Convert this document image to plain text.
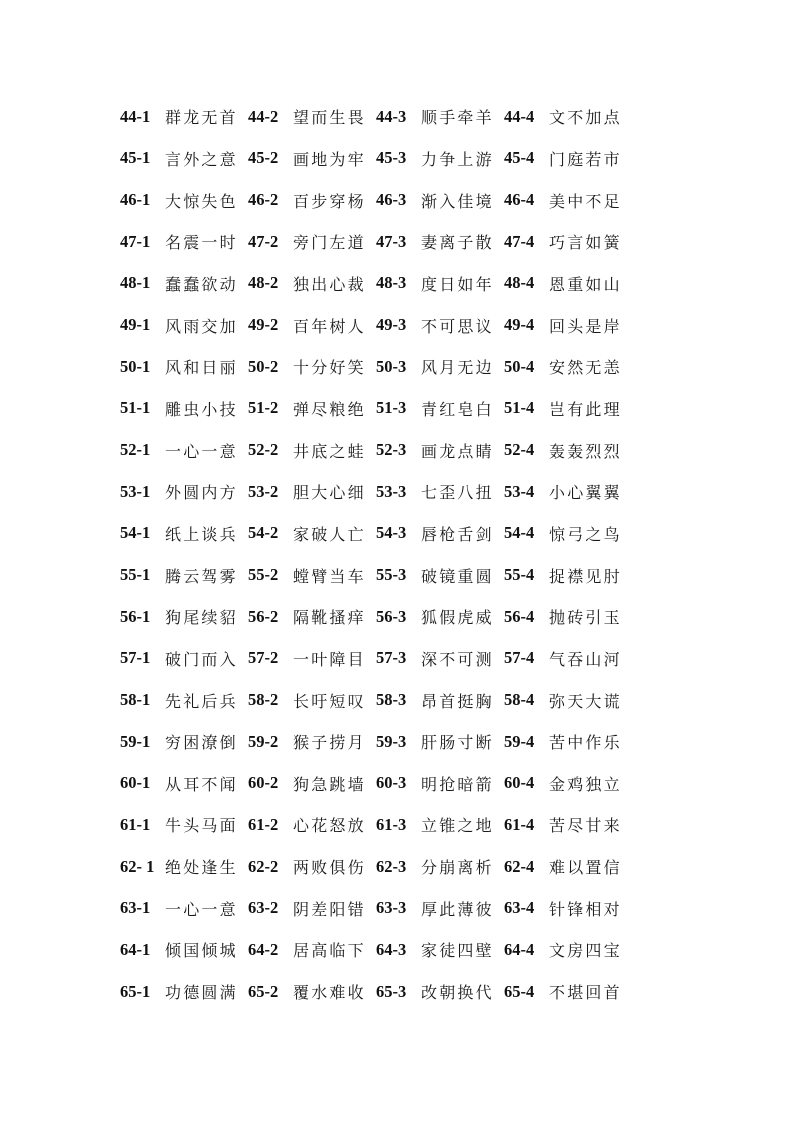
44-1 群龙无首 44-2 望而生畏 44-3 顺手牵羊 44-4 文不加点
45-1 言外之意 45-2 画地为牢 45-3 力争上游 45-4 门庭若市
46-1 大惊失色 46-2 百步穿杨 46-3 渐入佳境 46-4 美中不足
47-1 名震一时 47-2 旁门左道 47-3 妻离子散 47-4 巧言如簧
48-1 蠢蠢欲动 48-2 独出心裁 48-3 度日如年 48-4 恩重如山
49-1 风雨交加 49-2 百年树人 49-3 不可思议 49-4 回头是岸
50-1 风和日丽 50-2 十分好笑 50-3 风月无边 50-4 安然无恙
51-1 雕虫小技 51-2 弹尽粮绝 51-3 青红皂白 51-4 岂有此理
52-1 一心一意 52-2 井底之蛙 52-3 画龙点睛 52-4 轰轰烈烈
53-1 外圆内方 53-2 胆大心细 53-3 七歪八扭 53-4 小心翼翼
54-1 纸上谈兵 54-2 家破人亡 54-3 唇枪舌剑 54-4 惊弓之鸟
55-1 腾云驾雾 55-2 螳臂当车 55-3 破镜重圆 55-4 捉襟见肘
56-1 狗尾续貂 56-2 隔靴搔痒 56-3 狐假虎威 56-4 抛砖引玉
57-1 破门而入 57-2 一叶障目 57-3 深不可测 57-4 气吞山河
58-1 先礼后兵 58-2 长吁短叹 58-3 昂首挺胸 58-4 弥天大谎
59-1 穷困潦倒 59-2 猴子捞月 59-3 肝肠寸断 59-4 苦中作乐
60-1 从耳不闻 60-2 狗急跳墙 60-3 明抢暗箭 60-4 金鸡独立
61-1 牛头马面 61-2 心花怒放 61-3 立锥之地 61-4 苦尽甘来
62- 1 绝处逢生 62-2 两败俱伤 62-3 分崩离析 62-4 难以置信
63-1 一心一意 63-2 阴差阳错 63-3 厚此薄彼 63-4 针锋相对
64-1 倾国倾城 64-2 居高临下 64-3 家徒四壁 64-4 文房四宝
65-1 功德圆满 65-2 覆水难收 65-3 改朝换代 65-4 不堪回首
